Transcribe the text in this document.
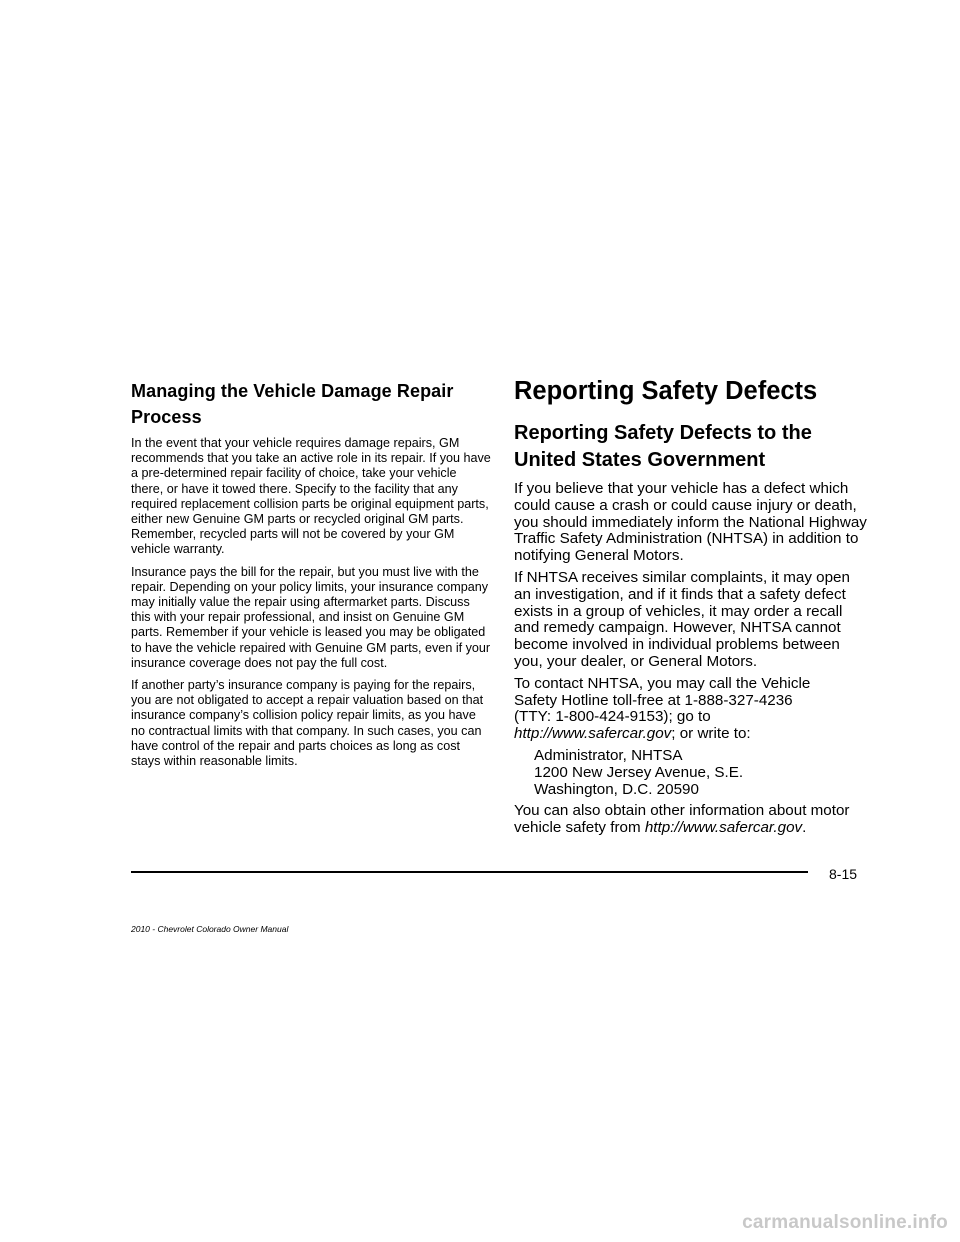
Managing the Vehicle Damage Repair Process

In the event that your vehicle requires damage repairs, GM recommends that you take an active role in its repair. If you have a pre-determined repair facility of choice, take your vehicle there, or have it towed there. Specify to the facility that any required replacement collision parts be original equipment parts, either new Genuine GM parts or recycled original GM parts. Remember, recycled parts will not be covered by your GM vehicle warranty.

Insurance pays the bill for the repair, but you must live with the repair. Depending on your policy limits, your insurance company may initially value the repair using aftermarket parts. Discuss this with your repair professional, and insist on Genuine GM parts. Remember if your vehicle is leased you may be obligated to have the vehicle repaired with Genuine GM parts, even if your insurance coverage does not pay the full cost.

If another party’s insurance company is paying for the repairs, you are not obligated to accept a repair valuation based on that insurance company’s collision policy repair limits, as you have no contractual limits with that company. In such cases, you can have control of the repair and parts choices as long as cost stays within reasonable limits.

Reporting Safety Defects
Reporting Safety Defects to the United States Government

If you believe that your vehicle has a defect which could cause a crash or could cause injury or death, you should immediately inform the National Highway Traffic Safety Administration (NHTSA) in addition to notifying General Motors.

If NHTSA receives similar complaints, it may open an investigation, and if it finds that a safety defect exists in a group of vehicles, it may order a recall and remedy campaign. However, NHTSA cannot become involved in individual problems between you, your dealer, or General Motors.

To contact NHTSA, you may call the Vehicle
Safety Hotline toll-free at 1-888-327-4236
(TTY: 1-800-424-9153); go to
http://www.safercar.gov; or write to:

Administrator, NHTSA
1200 New Jersey Avenue, S.E.
Washington, D.C. 20590

You can also obtain other information about motor vehicle safety from http://www.safercar.gov.

8-15
2010 - Chevrolet Colorado Owner Manual
carmanualsonline.info
